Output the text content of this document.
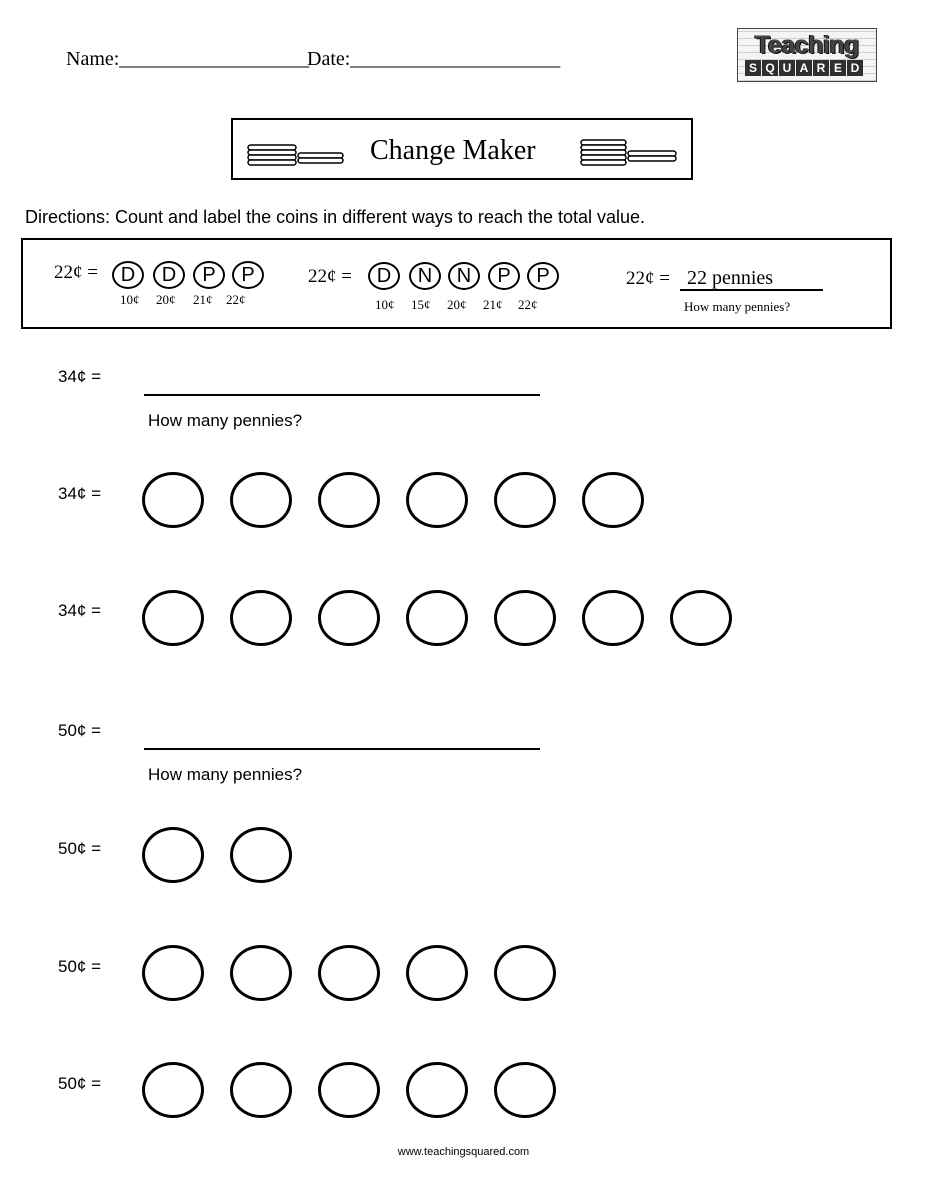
Name:___________________
Date:_____________________	Teaching
S Q U A R E D
Change Maker
Directions: Count and label the coins in different ways to reach the total value.
22¢ =	D	D	P	P
10¢ 20¢ 21¢ 22¢
22¢ =	D	N	N	P	P
10¢ 15¢ 20¢ 21¢ 22¢
22¢ = 22 pennies
How many pennies?
34¢ =
How many pennies?
34¢ =
34¢ =
50¢ =
How many pennies?
50¢ =
50¢ =
50¢ =
www.teachingsquared.com
